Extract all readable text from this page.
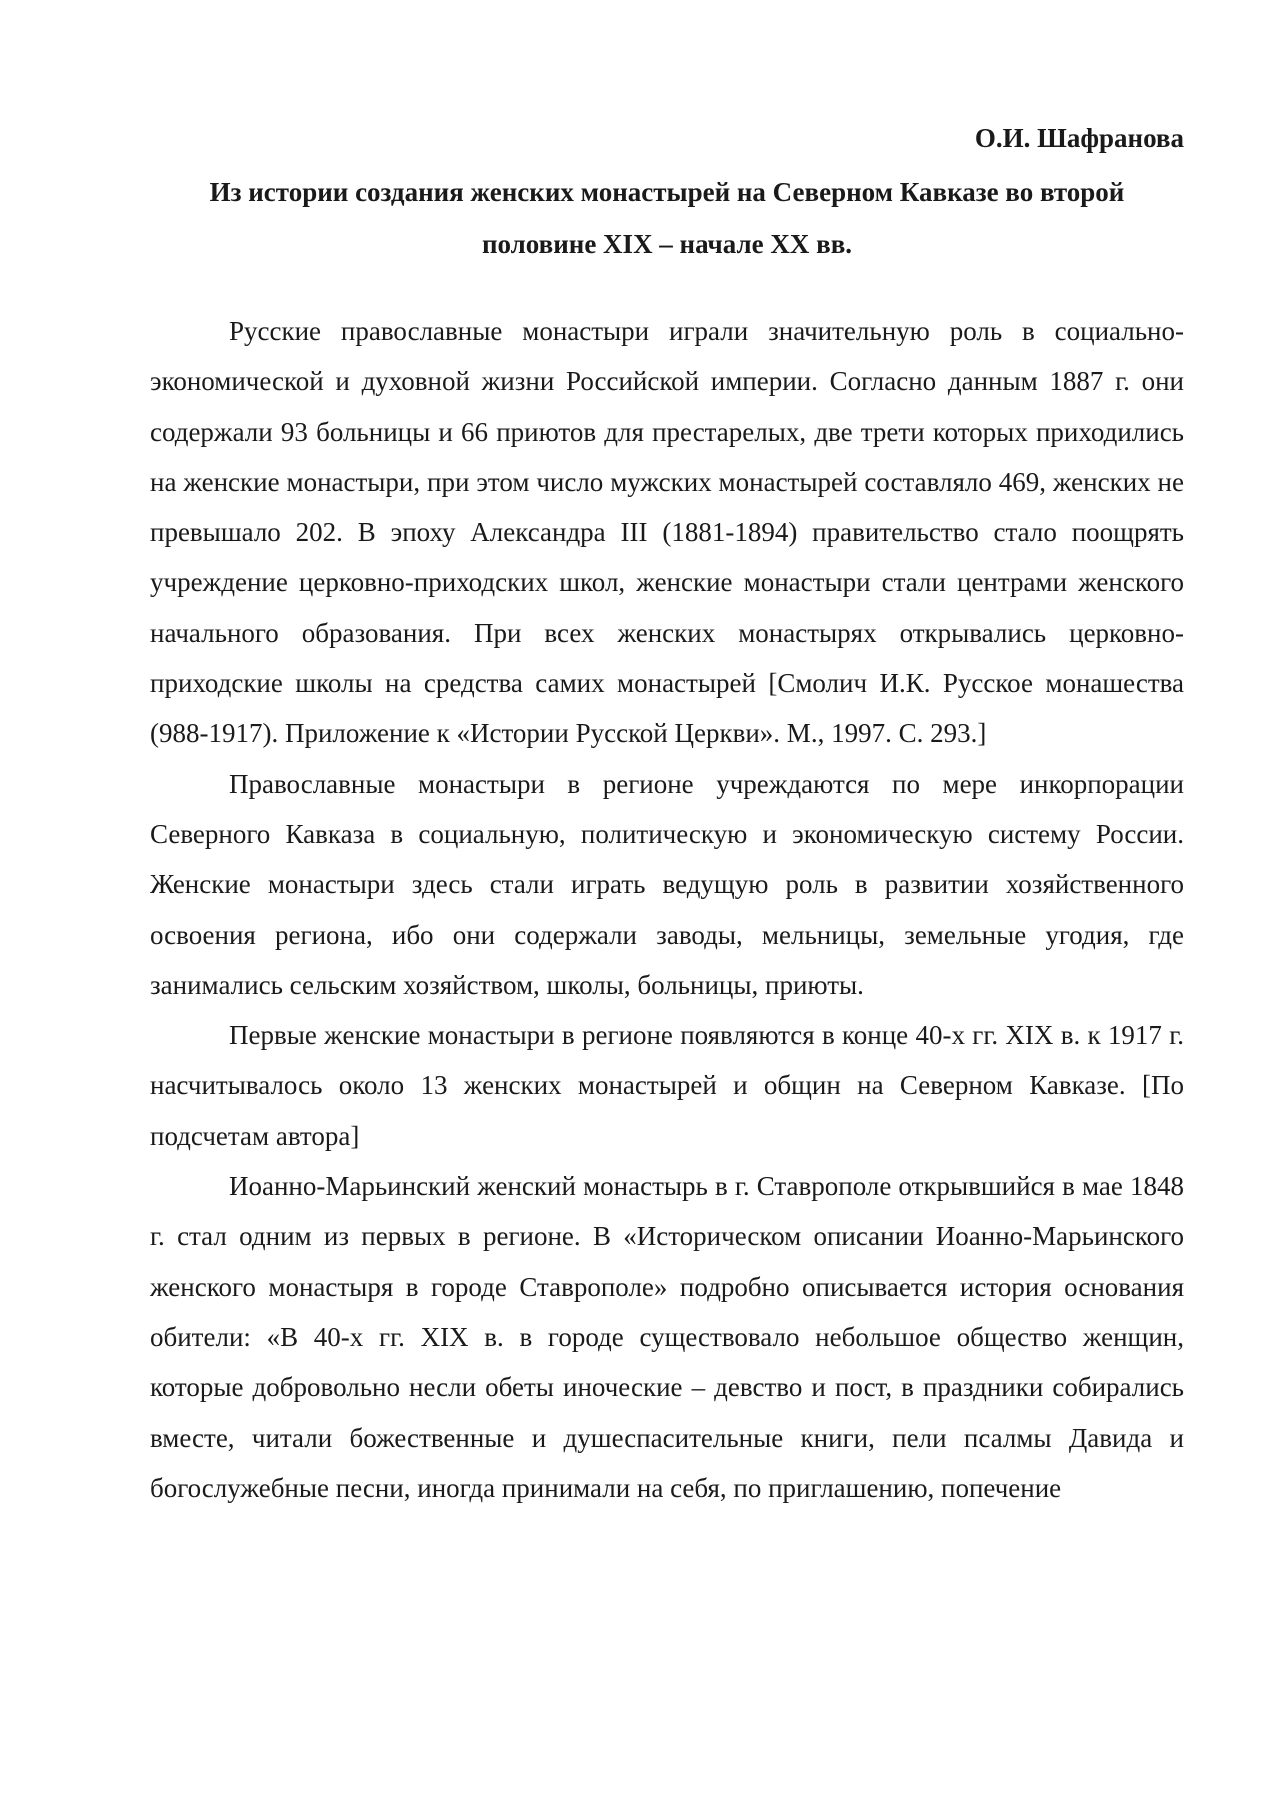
О.И. Шафранова

Из истории создания женских монастырей на Северном Кавказе во второй половине XIX – начале XX вв.

Русские православные монастыри играли значительную роль в социально-экономической и духовной жизни Российской империи. Согласно данным 1887 г. они содержали 93 больницы и 66 приютов для престарелых, две трети которых приходились на женские монастыри, при этом число мужских монастырей составляло 469, женских не превышало 202. В эпоху Александра III (1881-1894) правительство стало поощрять учреждение церковно-приходских школ, женские монастыри стали центрами женского начального образования. При всех женских монастырях открывались церковно-приходские школы на средства самих монастырей [Смолич И.К. Русское монашества (988-1917). Приложение к «Истории Русской Церкви». М., 1997. С. 293.]

Православные монастыри в регионе учреждаются по мере инкорпорации Северного Кавказа в социальную, политическую и экономическую систему России. Женские монастыри здесь стали играть ведущую роль в развитии хозяйственного освоения региона, ибо они содержали заводы, мельницы, земельные угодия, где занимались сельским хозяйством, школы, больницы, приюты.

Первые женские монастыри в регионе появляются в конце 40-х гг. XIX в. к 1917 г. насчитывалось около 13 женских монастырей и общин на Северном Кавказе. [По подсчетам автора]

Иоанно-Марьинский женский монастырь в г. Ставрополе открывшийся в мае 1848 г. стал одним из первых в регионе. В «Историческом описании Иоанно-Марьинского женского монастыря в городе Ставрополе» подробно описывается история основания обители: «В 40-х гг. XIX в. в городе существовало небольшое общество женщин, которые добровольно несли обеты иноческие – девство и пост, в праздники собирались вместе, читали божественные и душеспасительные книги, пели псалмы Давида и богослужебные песни, иногда принимали на себя, по приглашению, попечение
